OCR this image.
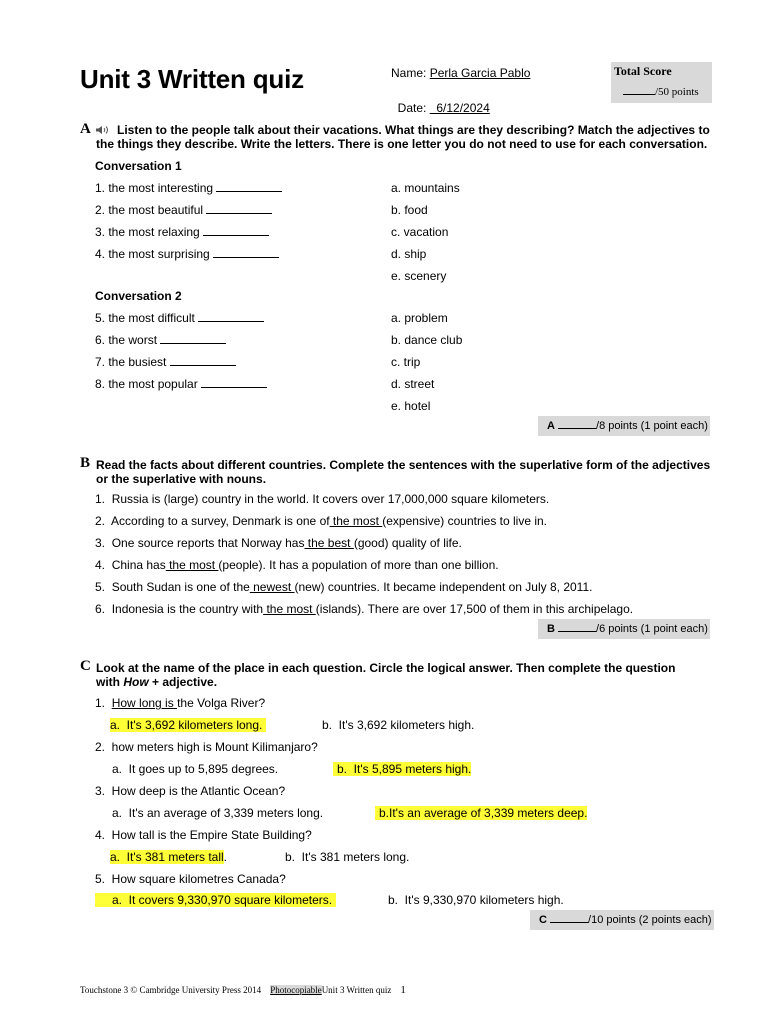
Unit 3 Written quiz	Name: Perla Garcia Pablo

Date:   6/12/2024

Total Score
/50 points
A	Listen to the people talk about their vacations. What things are they describing? Match the adjectives to the things they describe. Write the letters. There is one letter you do not need to use for each conversation.
Conversation 1
1. the most interesting
2. the most beautiful
3. the most relaxing
4. the most surprising
a. mountains
b. food
c. vacation
d. ship
e. scenery
Conversation 2
5. the most difficult
6. the worst
7. the busiest
8. the most popular
a. problem
b. dance club
c. trip
d. street
e. hotel
A	/8 points (1 point each)
B Read the facts about different countries. Complete the sentences with the superlative form of the adjectives or the superlative with nouns.
1. Russia is (large) country in the world. It covers over 17,000,000 square kilometers.
2. According to a survey, Denmark is one of the most (expensive) countries to live in.
3. One source reports that Norway has the best (good) quality of life.
4. China has the most (people). It has a population of more than one billion.
5. South Sudan is one of the newest (new) countries. It became independent on July 8, 2011.
6. Indonesia is the country with the most (islands). There are over 17,500 of them in this archipelago.
B	/6 points (1 point each)
C Look at the name of the place in each question. Circle the logical answer. Then complete the question
with How + adjective.
1. How long is the Volga River?
a.  It's 3,692 kilometers long.	b.  It's 3,692 kilometers high.
2.  how meters high is Mount Kilimanjaro?
a.  It goes up to 5,895 degrees.	b.  It's 5,895 meters high.
3.  How deep is the Atlantic Ocean?
a.  It's an average of 3,339 meters long.	b.It's an average of 3,339 meters deep.
4.  How tall is the Empire State Building?
a.  It's 381 meters tall.	b.  It's 381 meters long.
5.  How square kilometres Canada?
a.  It covers 9,330,970 square kilometers.	b.  It's 9,330,970 kilometers high.
C	/10 points (2 points each)
Touchstone 3 © Cambridge University Press 2014 PhotocopiableUnit 3 Written quiz 1
